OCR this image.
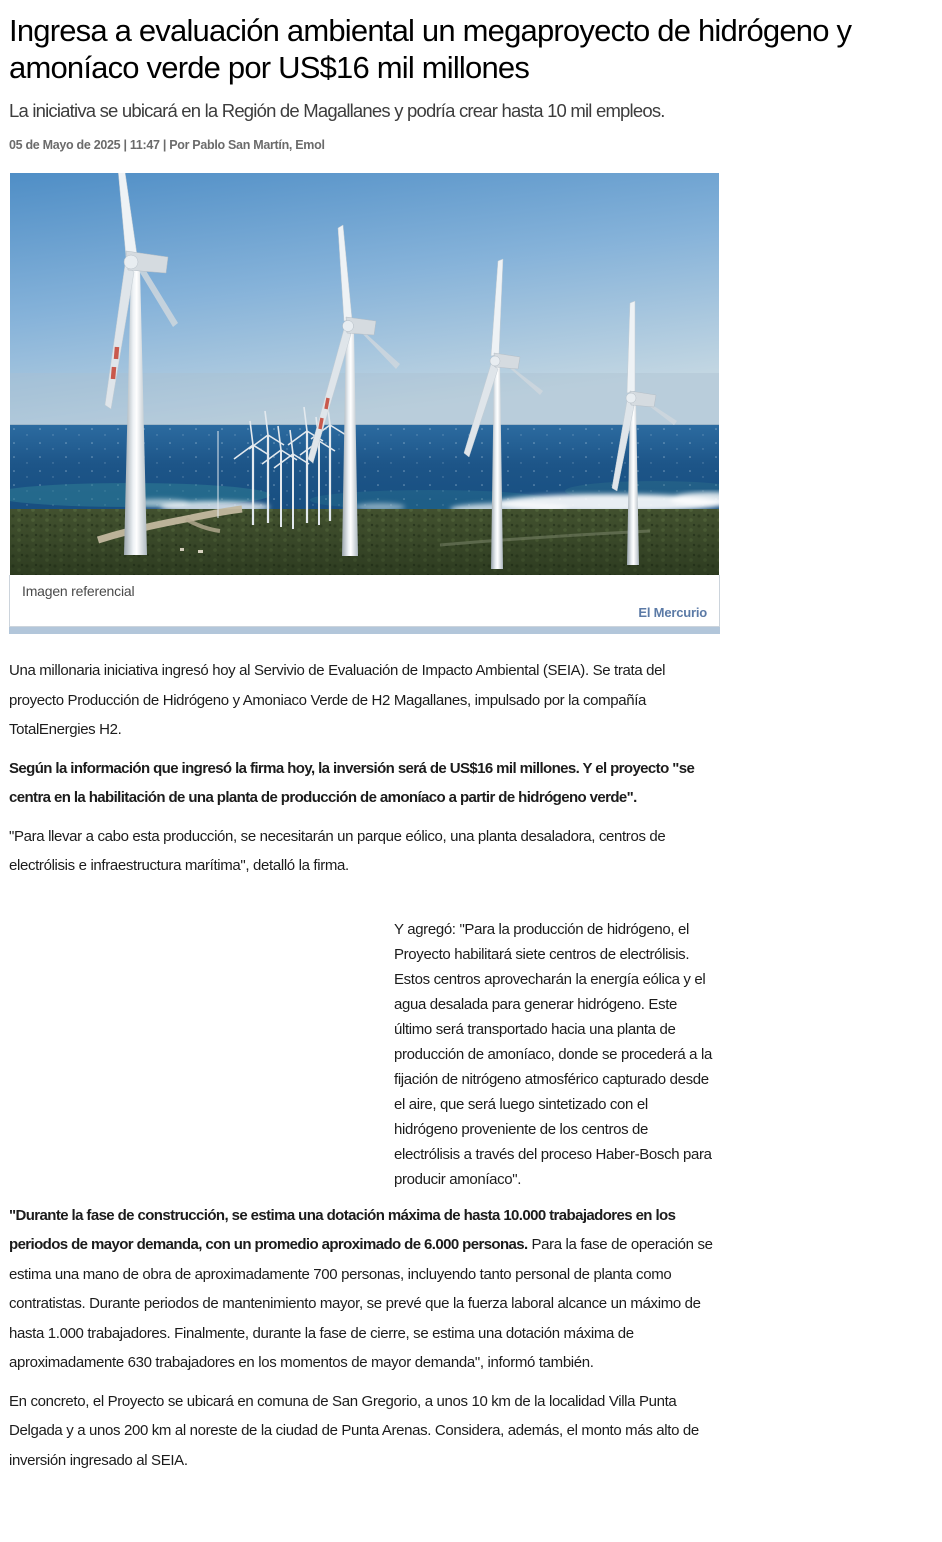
Ingresa a evaluación ambiental un megaproyecto de hidrógeno y amoníaco verde por US$16 mil millones
La iniciativa se ubicará en la Región de Magallanes y podría crear hasta 10 mil empleos.
05 de Mayo de 2025 | 11:47 | Por Pablo San Martín, Emol
Imagen referencial
El Mercurio

Una millonaria iniciativa ingresó hoy al Servivio de Evaluación de Impacto Ambiental (SEIA). Se trata del proyecto Producción de Hidrógeno y Amoniaco Verde de H2 Magallanes, impulsado por la compañía TotalEnergies H2.

Según la información que ingresó la firma hoy, la inversión será de US$16 mil millones. Y el proyecto "se centra en la habilitación de una planta de producción de amoníaco a partir de hidrógeno verde".

"Para llevar a cabo esta producción, se necesitarán un parque eólico, una planta desaladora, centros de electrólisis e infraestructura marítima", detalló la firma.

Y agregó: "Para la producción de hidrógeno, el Proyecto habilitará siete centros de electrólisis. Estos centros aprovecharán la energía eólica y el agua desalada para generar hidrógeno. Este último será transportado hacia una planta de producción de amoníaco, donde se procederá a la fijación de nitrógeno atmosférico capturado desde el aire, que será luego sintetizado con el hidrógeno proveniente de los centros de electrólisis a través del proceso Haber-Bosch para producir amoníaco".

"Durante la fase de construcción, se estima una dotación máxima de hasta 10.000 trabajadores en los periodos de mayor demanda, con un promedio aproximado de 6.000 personas. Para la fase de operación se estima una mano de obra de aproximadamente 700 personas, incluyendo tanto personal de planta como contratistas. Durante periodos de mantenimiento mayor, se prevé que la fuerza laboral alcance un máximo de hasta 1.000 trabajadores. Finalmente, durante la fase de cierre, se estima una dotación máxima de aproximadamente 630 trabajadores en los momentos de mayor demanda", informó también.

En concreto, el Proyecto se ubicará en comuna de San Gregorio, a unos 10 km de la localidad Villa Punta Delgada y a unos 200 km al noreste de la ciudad de Punta Arenas. Considera, además, el monto más alto de inversión ingresado al SEIA.
